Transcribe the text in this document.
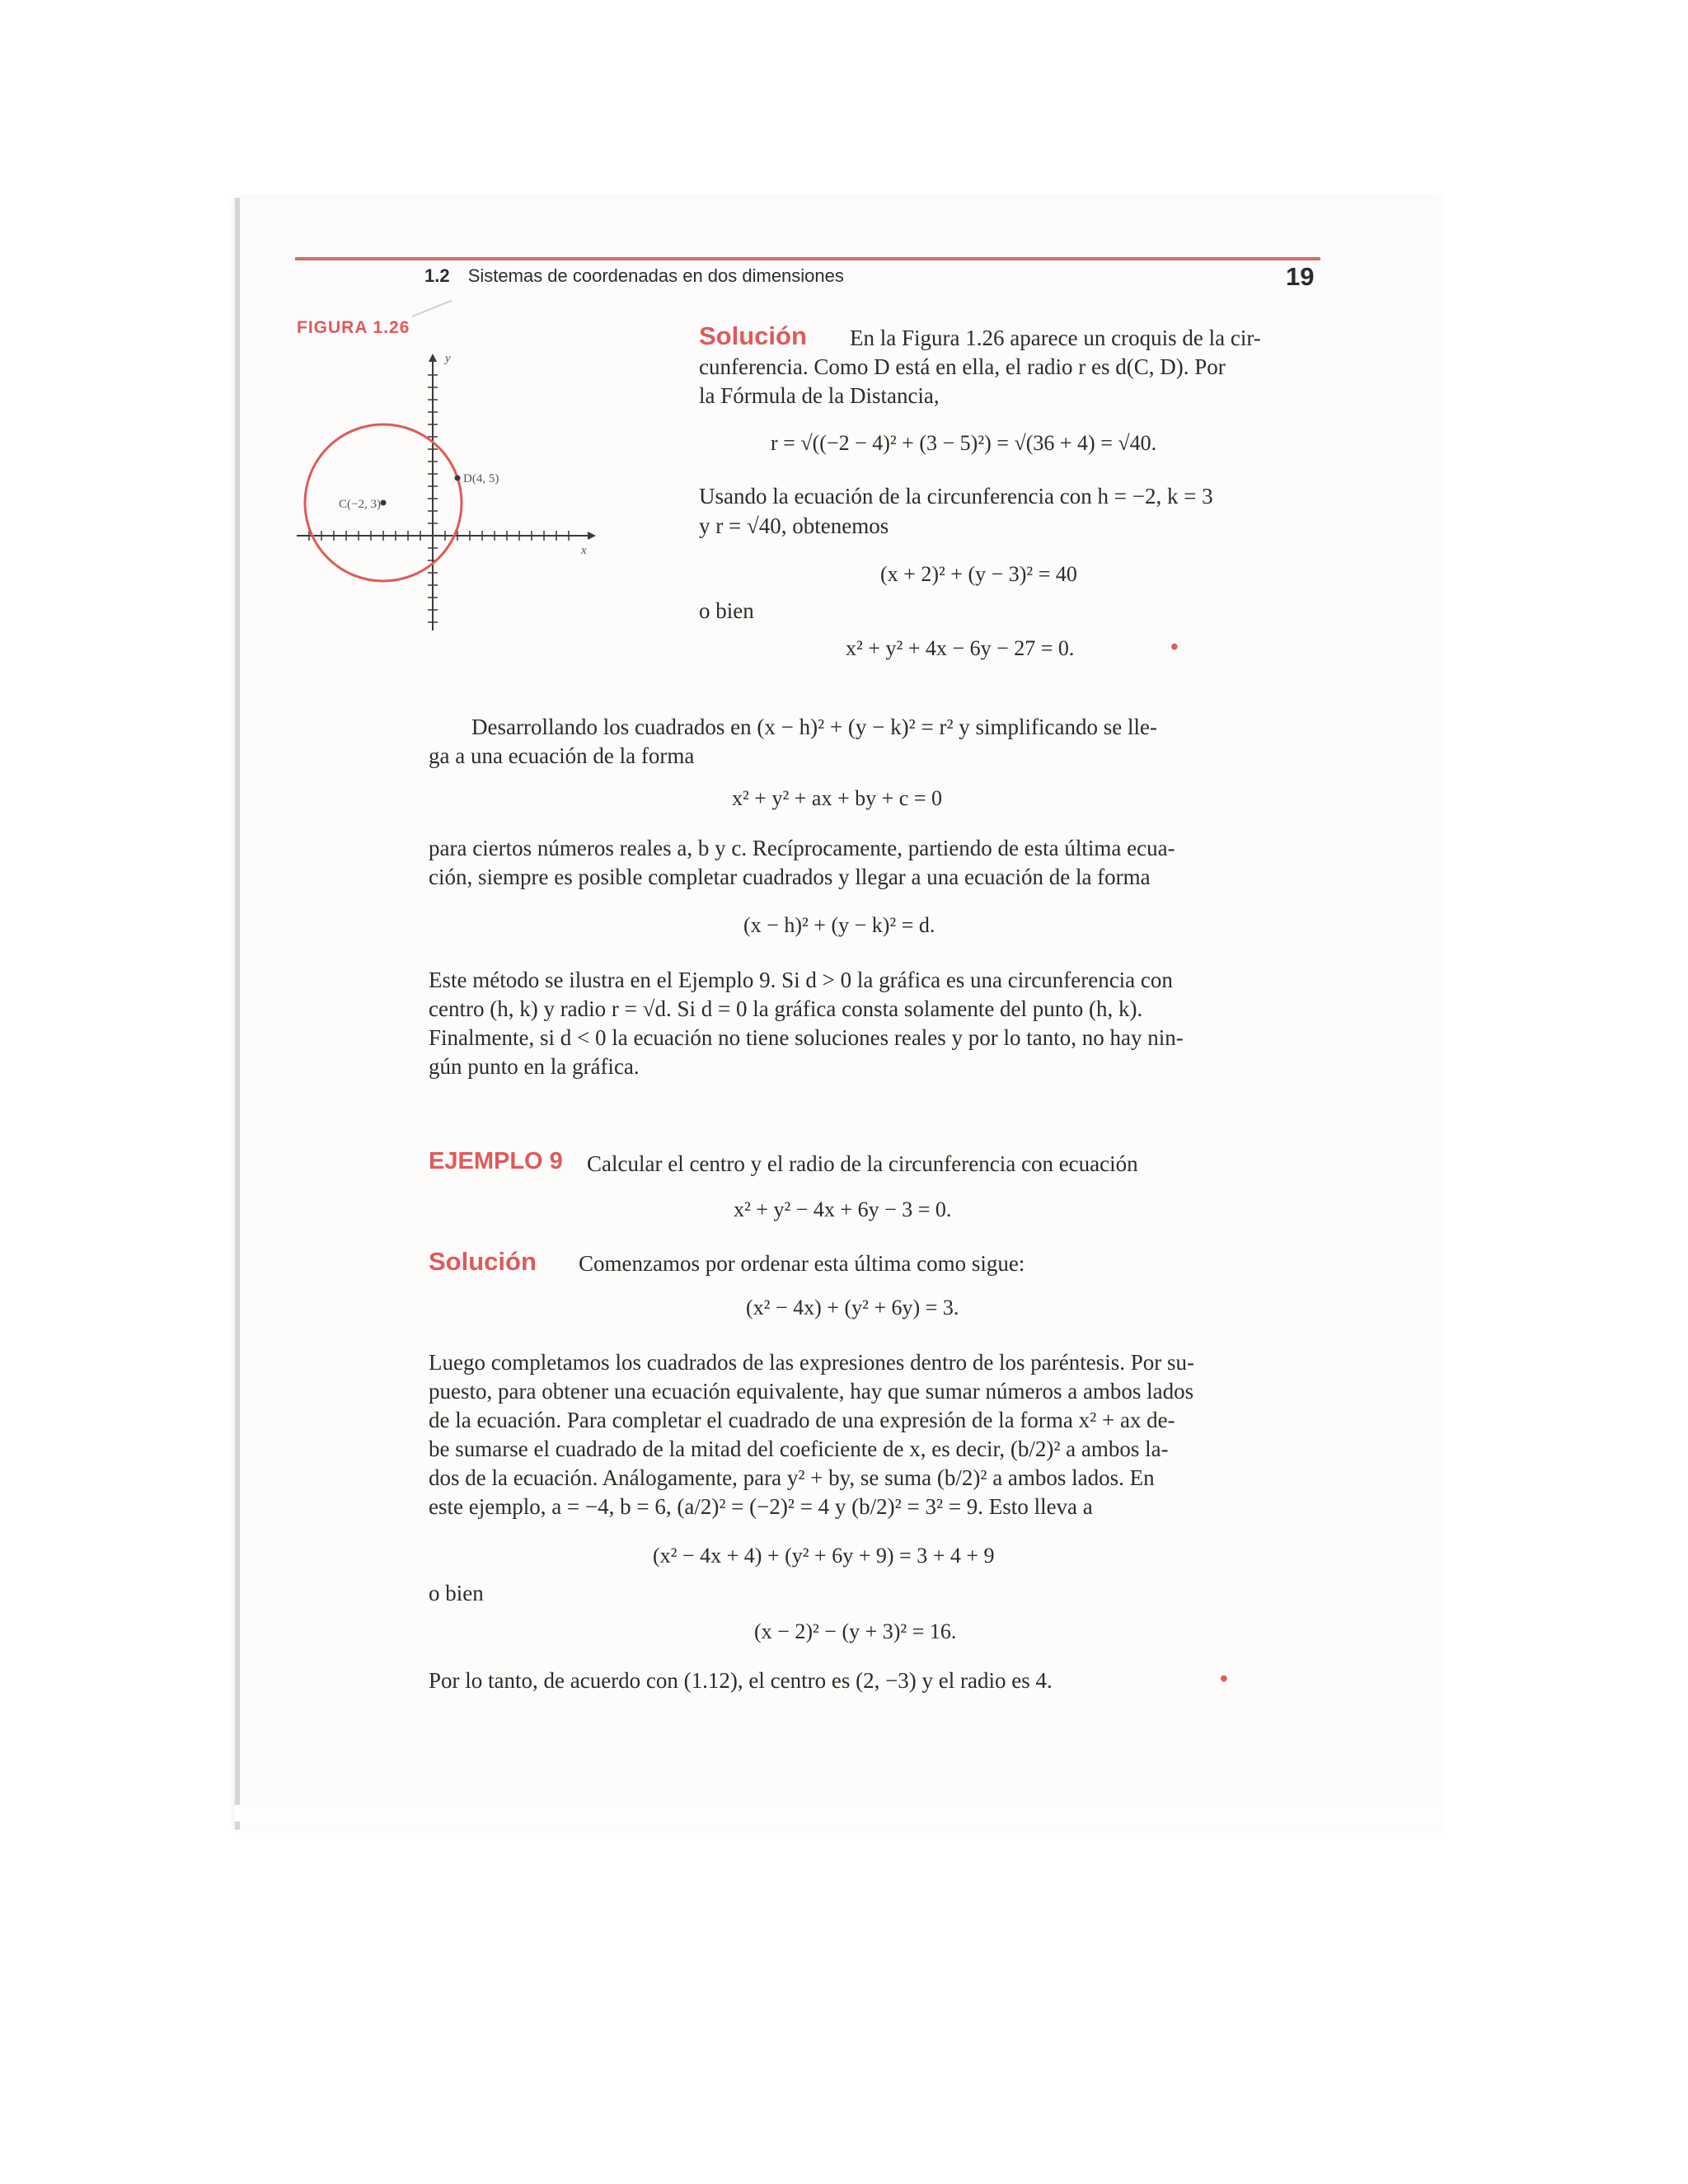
1.2 Sistemas de coordenadas en dos dimensiones	19
FIGURA 1.26
y
x
C(−2, 3)
D(4, 5)
Solución En la Figura 1.26 aparece un croquis de la cir-
cunferencia. Como D está en ella, el radio r es d(C, D). Por
la Fórmula de la Distancia,
r = √((−2 − 4)² + (3 − 5)²) = √(36 + 4) = √40.
Usando la ecuación de la circunferencia con h = −2, k = 3
y r = √40, obtenemos
(x + 2)² + (y − 3)² = 40
o bien
x² + y² + 4x − 6y − 27 = 0.	•
Desarrollando los cuadrados en (x − h)² + (y − k)² = r² y simplificando se lle-
ga a una ecuación de la forma
x² + y² + ax + by + c = 0
para ciertos números reales a, b y c. Recíprocamente, partiendo de esta última ecua-
ción, siempre es posible completar cuadrados y llegar a una ecuación de la forma
(x − h)² + (y − k)² = d.
Este método se ilustra en el Ejemplo 9. Si d > 0 la gráfica es una circunferencia con
centro (h, k) y radio r = √d. Si d = 0 la gráfica consta solamente del punto (h, k).
Finalmente, si d < 0 la ecuación no tiene soluciones reales y por lo tanto, no hay nin-
gún punto en la gráfica.
EJEMPLO 9 Calcular el centro y el radio de la circunferencia con ecuación
x² + y² − 4x + 6y − 3 = 0.
Solución Comenzamos por ordenar esta última como sigue:
(x² − 4x) + (y² + 6y) = 3.
Luego completamos los cuadrados de las expresiones dentro de los paréntesis. Por su-
puesto, para obtener una ecuación equivalente, hay que sumar números a ambos lados
de la ecuación. Para completar el cuadrado de una expresión de la forma x² + ax de-
be sumarse el cuadrado de la mitad del coeficiente de x, es decir, (b/2)² a ambos la-
dos de la ecuación. Análogamente, para y² + by, se suma (b/2)² a ambos lados. En
este ejemplo, a = −4, b = 6, (a/2)² = (−2)² = 4 y (b/2)² = 3² = 9. Esto lleva a
(x² − 4x + 4) + (y² + 6y + 9) = 3 + 4 + 9
o bien
(x − 2)² − (y + 3)² = 16.
Por lo tanto, de acuerdo con (1.12), el centro es (2, −3) y el radio es 4.	•
